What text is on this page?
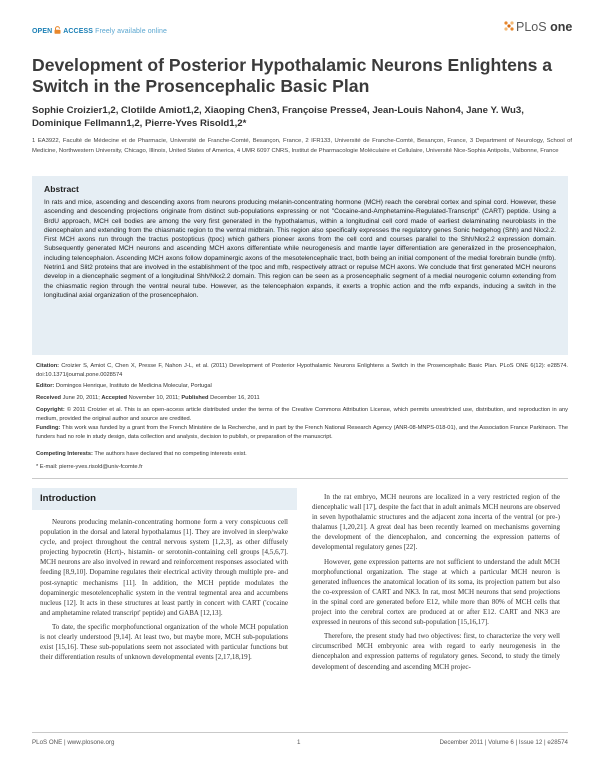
OPEN ACCESS Freely available online	PLoS one
Development of Posterior Hypothalamic Neurons Enlightens a Switch in the Prosencephalic Basic Plan
Sophie Croizier1,2, Clotilde Amiot1,2, Xiaoping Chen3, Françoise Presse4, Jean-Louis Nahon4, Jane Y. Wu3, Dominique Fellmann1,2, Pierre-Yves Risold1,2*
1 EA3922, Faculté de Médecine et de Pharmacie, Université de Franche-Comté, Besançon, France, 2 IFR133, Université de Franche-Comté, Besançon, France, 3 Department of Neurology, School of Medicine, Northwestern University, Chicago, Illinois, United States of America, 4 UMR 6097 CNRS, Institut de Pharmacologie Moléculaire et Cellulaire, Université Nice-Sophia Antipolis, Valbonne, France
Abstract

In rats and mice, ascending and descending axons from neurons producing melanin-concentrating hormone (MCH) reach the cerebral cortex and spinal cord. However, these ascending and descending projections originate from distinct sub-populations expressing or not "Cocaine-and-Amphetamine-Regulated-Transcript" (CART) peptide. Using a BrdU approach, MCH cell bodies are among the very first generated in the hypothalamus, within a longitudinal cell cord made of earliest delaminating neuroblasts in the diencephalon and extending from the chiasmatic region to the ventral midbrain. This region also specifically expresses the regulatory genes Sonic hedgehog (Shh) and Nkx2.2. First MCH axons run through the tractus postopticus (tpoc) which gathers pioneer axons from the cell cord and courses parallel to the Shh/Nkx2.2 expression domain. Subsequently generated MCH neurons and ascending MCH axons differentiate while neurogenesis and mantle layer differentiation are generalized in the prosencephalon, including telencephalon. Ascending MCH axons follow dopaminergic axons of the mesotelencephalic tract, both being an initial component of the medial forebrain bundle (mfb). Netrin1 and Slit2 proteins that are involved in the establishment of the tpoc and mfb, respectively attract or repulse MCH axons. We conclude that first generated MCH neurons develop in a diencephalic segment of a longitudinal Shh/Nkx2.2 domain. This region can be seen as a prosencephalic segment of a medial neurogenic column extending from the chiasmatic region through the ventral neural tube. However, as the telencephalon expands, it exerts a trophic action and the mfb expands, inducing a switch in the longitudinal axial organization of the prosencephalon.

Citation: Croizier S, Amiot C, Chen X, Presse F, Nahon J-L, et al. (2011) Development of Posterior Hypothalamic Neurons Enlightens a Switch in the Prosencephalic Basic Plan. PLoS ONE 6(12): e28574. doi:10.1371/journal.pone.0028574
Editor: Domingos Henrique, Instituto de Medicina Molecular, Portugal
Received June 20, 2011; Accepted November 10, 2011; Published December 16, 2011
Copyright: © 2011 Croizier et al. This is an open-access article distributed under the terms of the Creative Commons Attribution License, which permits unrestricted use, distribution, and reproduction in any medium, provided the original author and source are credited.
Funding: This work was funded by a grant from the French Ministère de la Recherche, and in part by the French National Research Agency (ANR-08-MNPS-018-01), and the Association France Parkinson. The funders had no role in study design, data collection and analysis, decision to publish, or preparation of the manuscript.
Competing Interests: The authors have declared that no competing interests exist.
* E-mail: pierre-yves.risold@univ-fcomte.fr
Introduction

Neurons producing melanin-concentrating hormone form a very conspicuous cell population in the dorsal and lateral hypothalamus [1]. They are involved in sleep/wake cycle, and project throughout the central nervous system [1,2,3], as other diffusely projecting hypocretin (Hcrt)-, histamin- or serotonin-containing cell groups [4,5,6,7]. MCH neurons are also involved in reward and reinforcement responses associated with feeding [8,9,10]. Dopamine regulates their electrical activity through multiple pre- and post-synaptic mechanisms [11]. In addition, the MCH peptide modulates the dopaminergic mesotelencephalic system in the ventral tegmental area and accumbens nucleus [12]. It acts in these structures at least partly in concert with CART ('cocaine and amphetamine related transcript' peptide) and GABA [12,13].

To date, the specific morphofunctional organization of the whole MCH population is not clearly understood [9,14]. At least two, but maybe more, MCH sub-populations exist [15,16]. These sub-populations seem not associated with particular functions but their differentiation results of unknown developmental events [2,17,18,19].

In the rat embryo, MCH neurons are localized in a very restricted region of the diencephalic wall [17], despite the fact that in adult animals MCH neurons are observed in seven hypothalamic structures and the adjacent zona incerta of the ventral (or pre-) thalamus [1,20,21]. A great deal has been recently learned on mechanisms governing the development of the diencephalon, and concerning the expression patterns of developmental regulatory genes [22].

However, gene expression patterns are not sufficient to understand the adult MCH morphofunctional organization. The stage at which a particular MCH neuron is generated influences the anatomical location of its soma, its projection pattern but also the co-expression of CART and NK3. In rat, most MCH neurons that send projections in the spinal cord are generated before E12, while more than 80% of MCH cells that project into the cerebral cortex are produced at or after E12. CART and NK3 are expressed in neurons of this second sub-population [15,16,17].

Therefore, the present study had two objectives: first, to characterize the very well circumscribed MCH embryonic area with regard to early neurogenesis in the diencephalon and expression patterns of regulatory genes. Second, to study the timely development of descending and ascending MCH projec-

PLoS ONE | www.plosone.org	1	December 2011 | Volume 6 | Issue 12 | e28574
